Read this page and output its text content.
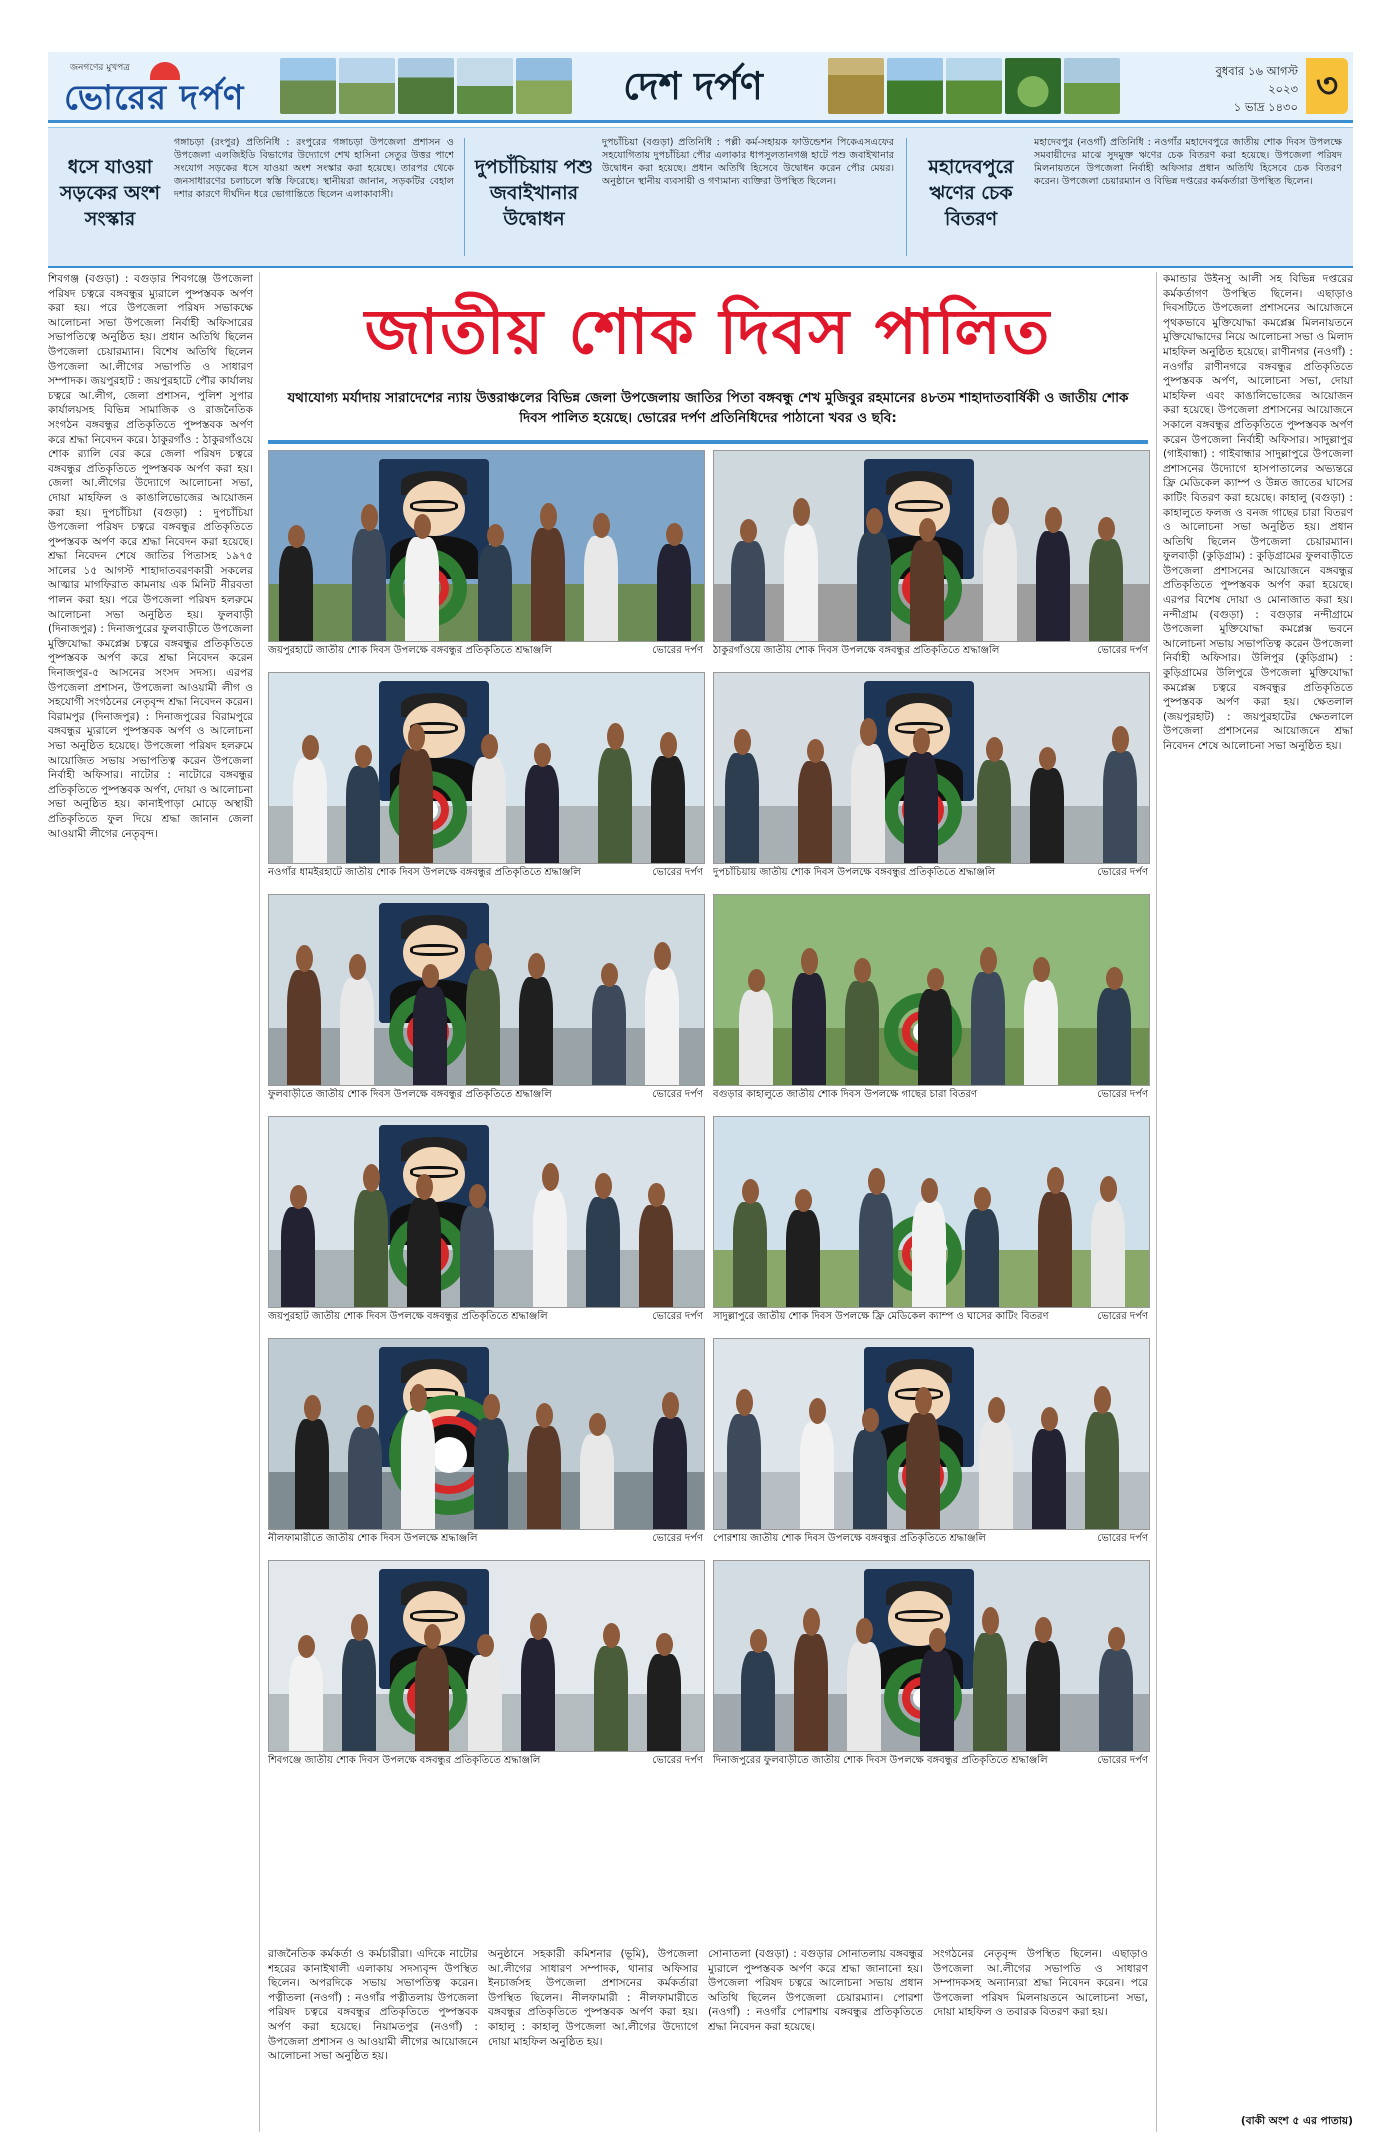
জনগণের মুখপত্র
ভোরের দর্পণ	দেশ দর্পণ	বুধবার ১৬ আগস্ট ২০২৩
১ ভাদ্র ১৪৩০
৩
ধসে যাওয়া সড়কের অংশ সংস্কার
গঙ্গাচড়া (রংপুর) প্রতিনিধি : রংপুরের গঙ্গাচড়া উপজেলা প্রশাসন ও উপজেলা এলজিইডি বিভাগের উদ্যোগে শেখ হাসিনা সেতুর উত্তর পাশে সংযোগ সড়কের ধসে যাওয়া অংশ সংস্কার করা হয়েছে। তারপর থেকে জনসাধারণের চলাচলে স্বস্তি ফিরেছে। স্থানীয়রা জানান, সড়কটির বেহাল দশার কারণে দীর্ঘদিন ধরে ভোগান্তিতে ছিলেন এলাকাবাসী।
দুপচাঁচিয়ায় পশু জবাইখানার উদ্বোধন
দুপচাঁচিয়া (বগুড়া) প্রতিনিধি : পল্লী কর্ম-সহায়ক ফাউন্ডেশন পিকেএসএফের সহযোগিতায় দুপচাঁচিয়া পৌর এলাকার ধাপসুলতানগঞ্জ হাটে পশু জবাইখানার উদ্বোধন করা হয়েছে। প্রধান অতিথি হিসেবে উদ্বোধন করেন পৌর মেয়র। অনুষ্ঠানে স্থানীয় ব্যবসায়ী ও গণ্যমান্য ব্যক্তিরা উপস্থিত ছিলেন।
মহাদেবপুরে ঋণের চেক বিতরণ
মহাদেবপুর (নওগাঁ) প্রতিনিধি : নওগাঁর মহাদেবপুরে জাতীয় শোক দিবস উপলক্ষে সমবায়ীদের মাঝে সুদমুক্ত ঋণের চেক বিতরণ করা হয়েছে। উপজেলা পরিষদ মিলনায়তনে উপজেলা নির্বাহী অফিসার প্রধান অতিথি হিসেবে চেক বিতরণ করেন। উপজেলা চেয়ারম্যান ও বিভিন্ন দপ্তরের কর্মকর্তারা উপস্থিত ছিলেন।
শিবগঞ্জ (বগুড়া) : বগুড়ার শিবগঞ্জে উপজেলা পরিষদ চত্বরে বঙ্গবন্ধুর ম্যুরালে পুষ্পস্তবক অর্পণ করা হয়। পরে উপজেলা পরিষদ সভাকক্ষে আলোচনা সভা উপজেলা নির্বাহী অফিসারের সভাপতিত্বে অনুষ্ঠিত হয়। প্রধান অতিথি ছিলেন উপজেলা চেয়ারম্যান। বিশেষ অতিথি ছিলেন উপজেলা আ.লীগের সভাপতি ও সাধারণ সম্পাদক। জয়পুরহাট : জয়পুরহাটে পৌর কার্যালয় চত্বরে আ.লীগ, জেলা প্রশাসন, পুলিশ সুপার কার্যালয়সহ বিভিন্ন সামাজিক ও রাজনৈতিক সংগঠন বঙ্গবন্ধুর প্রতিকৃতিতে পুষ্পস্তবক অর্পণ করে শ্রদ্ধা নিবেদন করে। ঠাকুরগাঁও : ঠাকুরগাঁওয়ে শোক র‍্যালি বের করে জেলা পরিষদ চত্বরে বঙ্গবন্ধুর প্রতিকৃতিতে পুষ্পস্তবক অর্পণ করা হয়। জেলা আ.লীগের উদ্যোগে আলোচনা সভা, দোয়া মাহফিল ও কাঙালিভোজের আয়োজন করা হয়। দুপচাঁচিয়া (বগুড়া) : দুপচাঁচিয়া উপজেলা পরিষদ চত্বরে বঙ্গবন্ধুর প্রতিকৃতিতে পুষ্পস্তবক অর্পণ করে শ্রদ্ধা নিবেদন করা হয়েছে। শ্রদ্ধা নিবেদন শেষে জাতির পিতাসহ ১৯৭৫ সালের ১৫ আগস্ট শাহাদাতবরণকারী সকলের আত্মার মাগফিরাত কামনায় এক মিনিট নীরবতা পালন করা হয়। পরে উপজেলা পরিষদ হলরুমে আলোচনা সভা অনুষ্ঠিত হয়। ফুলবাড়ী (দিনাজপুর) : দিনাজপুরের ফুলবাড়ীতে উপজেলা মুক্তিযোদ্ধা কমপ্লেক্স চত্বরে বঙ্গবন্ধুর প্রতিকৃতিতে পুষ্পস্তবক অর্পণ করে শ্রদ্ধা নিবেদন করেন দিনাজপুর-৫ আসনের সংসদ সদস্য। এরপর উপজেলা প্রশাসন, উপজেলা আওয়ামী লীগ ও সহযোগী সংগঠনের নেতৃবৃন্দ শ্রদ্ধা নিবেদন করেন। বিরামপুর (দিনাজপুর) : দিনাজপুরের বিরামপুরে বঙ্গবন্ধুর ম্যুরালে পুষ্পস্তবক অর্পণ ও আলোচনা সভা অনুষ্ঠিত হয়েছে। উপজেলা পরিষদ হলরুমে আয়োজিত সভায় সভাপতিত্ব করেন উপজেলা নির্বাহী অফিসার। নাটোর : নাটোরে বঙ্গবন্ধুর প্রতিকৃতিতে পুষ্পস্তবক অর্পণ, দোয়া ও আলোচনা সভা অনুষ্ঠিত হয়। কানাইপাড়া মোড়ে অস্থায়ী প্রতিকৃতিতে ফুল দিয়ে শ্রদ্ধা জানান জেলা আওয়ামী লীগের নেতৃবৃন্দ।
জাতীয় শোক দিবস পালিত
যথাযোগ্য মর্যাদায় সারাদেশের ন্যায় উত্তরাঞ্চলের বিভিন্ন জেলা উপজেলায় জাতির পিতা বঙ্গবন্ধু শেখ মুজিবুর রহমানের ৪৮তম শাহাদাতবার্ষিকী ও জাতীয় শোক দিবস পালিত হয়েছে। ভোরের দর্পণ প্রতিনিধিদের পাঠানো খবর ও ছবি:
কমান্ডার উইনসু আলী সহ বিভিন্ন দপ্তরের কর্মকর্তাগণ উপস্থিত ছিলেন। এছাড়াও দিবসটিতে উপজেলা প্রশাসনের আয়োজনে পৃথকভাবে মুক্তিযোদ্ধা কমপ্লেক্স মিলনায়তনে মুক্তিযোদ্ধাদের নিয়ে আলোচনা সভা ও মিলাদ মাহফিল অনুষ্ঠিত হয়েছে। রাণীনগর (নওগাঁ) : নওগাঁর রাণীনগরে বঙ্গবন্ধুর প্রতিকৃতিতে পুষ্পস্তবক অর্পণ, আলোচনা সভা, দোয়া মাহফিল এবং কাঙালিভোজের আয়োজন করা হয়েছে। উপজেলা প্রশাসনের আয়োজনে সকালে বঙ্গবন্ধুর প্রতিকৃতিতে পুষ্পস্তবক অর্পণ করেন উপজেলা নির্বাহী অফিসার। সাদুল্লাপুর (গাইবান্ধা) : গাইবান্ধার সাদুল্লাপুরে উপজেলা প্রশাসনের উদ্যোগে হাসপাতালের অভ্যন্তরে ফ্রি মেডিকেল ক্যাম্প ও উন্নত জাতের ঘাসের কাটিং বিতরণ করা হয়েছে। কাহালু (বগুড়া) : কাহালুতে ফলজ ও বনজ গাছের চারা বিতরণ ও আলোচনা সভা অনুষ্ঠিত হয়। প্রধান অতিথি ছিলেন উপজেলা চেয়ারম্যান। ফুলবাড়ী (কুড়িগ্রাম) : কুড়িগ্রামের ফুলবাড়ীতে উপজেলা প্রশাসনের আয়োজনে বঙ্গবন্ধুর প্রতিকৃতিতে পুষ্পস্তবক অর্পণ করা হয়েছে। এরপর বিশেষ দোয়া ও মোনাজাত করা হয়। নন্দীগ্রাম (বগুড়া) : বগুড়ার নন্দীগ্রামে উপজেলা মুক্তিযোদ্ধা কমপ্লেক্স ভবনে আলোচনা সভায় সভাপতিত্ব করেন উপজেলা নির্বাহী অফিসার। উলিপুর (কুড়িগ্রাম) : কুড়িগ্রামের উলিপুরে উপজেলা মুক্তিযোদ্ধা কমপ্লেক্স চত্বরে বঙ্গবন্ধুর প্রতিকৃতিতে পুষ্পস্তবক অর্পণ করা হয়। ক্ষেতলাল (জয়পুরহাট) : জয়পুরহাটের ক্ষেতলালে উপজেলা প্রশাসনের আয়োজনে শ্রদ্ধা নিবেদন শেষে আলোচনা সভা অনুষ্ঠিত হয়।
(বাকী অংশ ৫ এর পাতায়)
রাজনৈতিক কর্মকর্তা ও কর্মচারীরা। এদিকে নাটোর শহরের কানাইখালী এলাকায় সদস্যবৃন্দ উপস্থিত ছিলেন। অপরদিকে সভায় সভাপতিত্ব করেন। পত্নীতলা (নওগাঁ) : নওগাঁর পত্নীতলায় উপজেলা পরিষদ চত্বরে বঙ্গবন্ধুর প্রতিকৃতিতে পুষ্পস্তবক অর্পণ করা হয়েছে। নিয়ামতপুর (নওগাঁ) : উপজেলা প্রশাসন ও আওয়ামী লীগের আয়োজনে আলোচনা সভা অনুষ্ঠিত হয়।
অনুষ্ঠানে সহকারী কমিশনার (ভূমি), উপজেলা আ.লীগের সাধারণ সম্পাদক, থানার অফিসার ইনচার্জসহ উপজেলা প্রশাসনের কর্মকর্তারা উপস্থিত ছিলেন। নীলফামারী : নীলফামারীতে বঙ্গবন্ধুর প্রতিকৃতিতে পুষ্পস্তবক অর্পণ করা হয়। কাহালু : কাহালু উপজেলা আ.লীগের উদ্যোগে দোয়া মাহফিল অনুষ্ঠিত হয়।
সোনাতলা (বগুড়া) : বগুড়ার সোনাতলায় বঙ্গবন্ধুর ম্যুরালে পুষ্পস্তবক অর্পণ করে শ্রদ্ধা জানানো হয়। উপজেলা পরিষদ চত্বরে আলোচনা সভায় প্রধান অতিথি ছিলেন উপজেলা চেয়ারম্যান। পোরশা (নওগাঁ) : নওগাঁর পোরশায় বঙ্গবন্ধুর প্রতিকৃতিতে শ্রদ্ধা নিবেদন করা হয়েছে।
সংগঠনের নেতৃবৃন্দ উপস্থিত ছিলেন। এছাড়াও উপজেলা আ.লীগের সভাপতি ও সাধারণ সম্পাদকসহ অন্যান্যরা শ্রদ্ধা নিবেদন করেন। পরে উপজেলা পরিষদ মিলনায়তনে আলোচনা সভা, দোয়া মাহফিল ও তবারক বিতরণ করা হয়।
জয়পুরহাটে জাতীয় শোক দিবস উপলক্ষে বঙ্গবন্ধুর প্রতিকৃতিতে শ্রদ্ধাঞ্জলি	ভোরের দর্পণ ঠাকুরগাঁওয়ে জাতীয় শোক দিবস উপলক্ষে বঙ্গবন্ধুর প্রতিকৃতিতে শ্রদ্ধাঞ্জলি	ভোরের দর্পণ
নওগাঁর ধামইরহাটে জাতীয় শোক দিবস উপলক্ষে বঙ্গবন্ধুর প্রতিকৃতিতে শ্রদ্ধাঞ্জলি	ভোরের দর্পণ দুপচাঁচিয়ায় জাতীয় শোক দিবস উপলক্ষে বঙ্গবন্ধুর প্রতিকৃতিতে শ্রদ্ধাঞ্জলি	ভোরের দর্পণ
ফুলবাড়ীতে জাতীয় শোক দিবস উপলক্ষে বঙ্গবন্ধুর প্রতিকৃতিতে শ্রদ্ধাঞ্জলি	ভোরের দর্পণ বগুড়ার কাহালুতে জাতীয় শোক দিবস উপলক্ষে গাছের চারা বিতরণ	ভোরের দর্পণ
জয়পুরহাট জাতীয় শোক দিবস উপলক্ষে বঙ্গবন্ধুর প্রতিকৃতিতে শ্রদ্ধাঞ্জলি	ভোরের দর্পণ সাদুল্লাপুরে জাতীয় শোক দিবস উপলক্ষে ফ্রি মেডিকেল ক্যাম্প ও ঘাসের কাটিং বিতরণ	ভোরের দর্পণ
নীলফামারীতে জাতীয় শোক দিবস উপলক্ষে শ্রদ্ধাঞ্জলি	ভোরের দর্পণ পোরশায় জাতীয় শোক দিবস উপলক্ষে বঙ্গবন্ধুর প্রতিকৃতিতে শ্রদ্ধাঞ্জলি	ভোরের দর্পণ
শিবগঞ্জে জাতীয় শোক দিবস উপলক্ষে বঙ্গবন্ধুর প্রতিকৃতিতে শ্রদ্ধাঞ্জলি	ভোরের দর্পণ দিনাজপুরের ফুলবাড়ীতে জাতীয় শোক দিবস উপলক্ষে বঙ্গবন্ধুর প্রতিকৃতিতে শ্রদ্ধাঞ্জলি	ভোরের দর্পণ
